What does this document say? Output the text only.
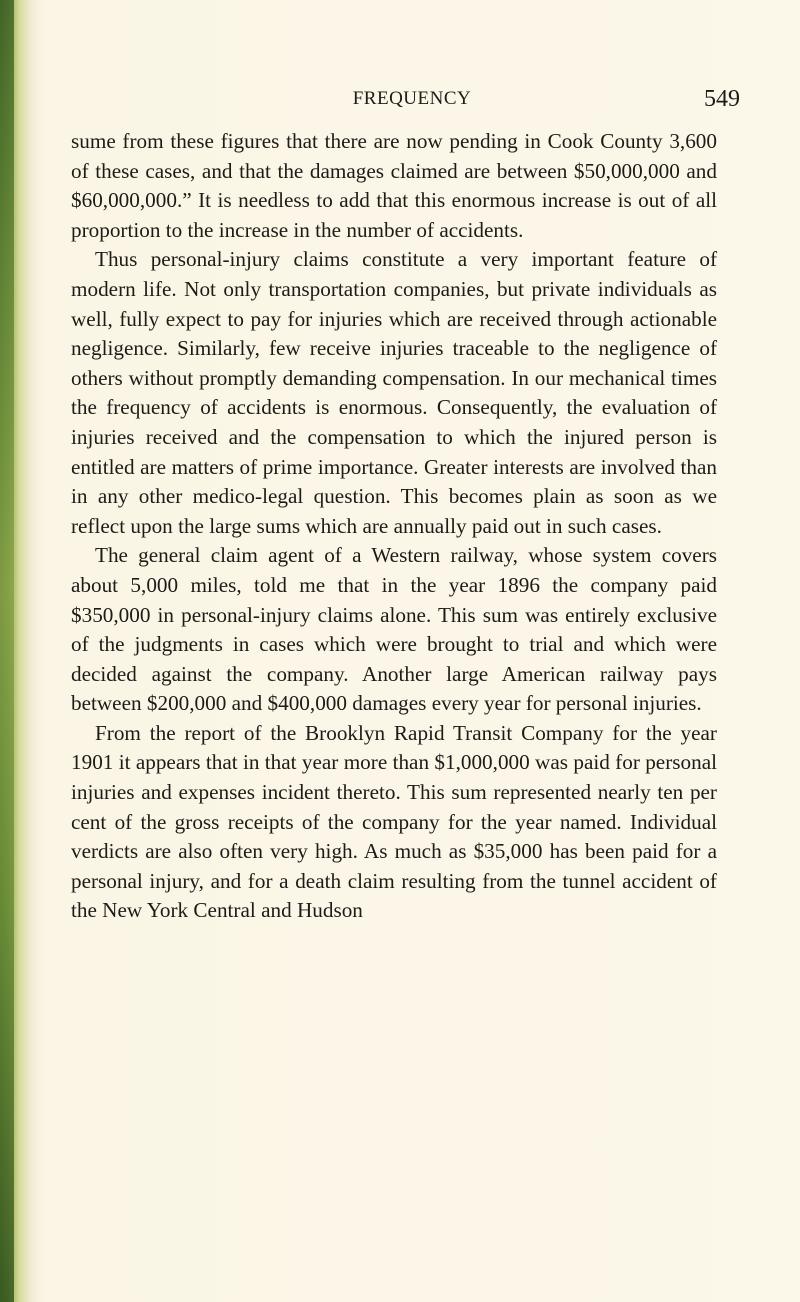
FREQUENCY	549

sume from these figures that there are now pending in Cook County 3,600 of these cases, and that the damages claimed are between $50,000,000 and $60,000,000.” It is needless to add that this enormous increase is out of all proportion to the increase in the number of accidents.

Thus personal-injury claims constitute a very important feature of modern life. Not only transportation companies, but private individuals as well, fully expect to pay for injuries which are received through actionable negligence. Similarly, few receive injuries traceable to the negligence of others without promptly demanding compensation. In our mechanical times the frequency of accidents is enormous. Consequently, the evaluation of injuries received and the compensation to which the injured person is entitled are matters of prime importance. Greater interests are involved than in any other medico-legal question. This becomes plain as soon as we reflect upon the large sums which are annually paid out in such cases.

The general claim agent of a Western railway, whose system covers about 5,000 miles, told me that in the year 1896 the company paid $350,000 in personal-injury claims alone. This sum was entirely exclusive of the judgments in cases which were brought to trial and which were decided against the company. Another large American railway pays between $200,000 and $400,000 damages every year for personal injuries.

From the report of the Brooklyn Rapid Transit Company for the year 1901 it appears that in that year more than $1,000,000 was paid for personal injuries and expenses incident thereto. This sum represented nearly ten per cent of the gross receipts of the company for the year named. Individual verdicts are also often very high. As much as $35,000 has been paid for a personal injury, and for a death claim resulting from the tunnel accident of the New York Central and Hudson
